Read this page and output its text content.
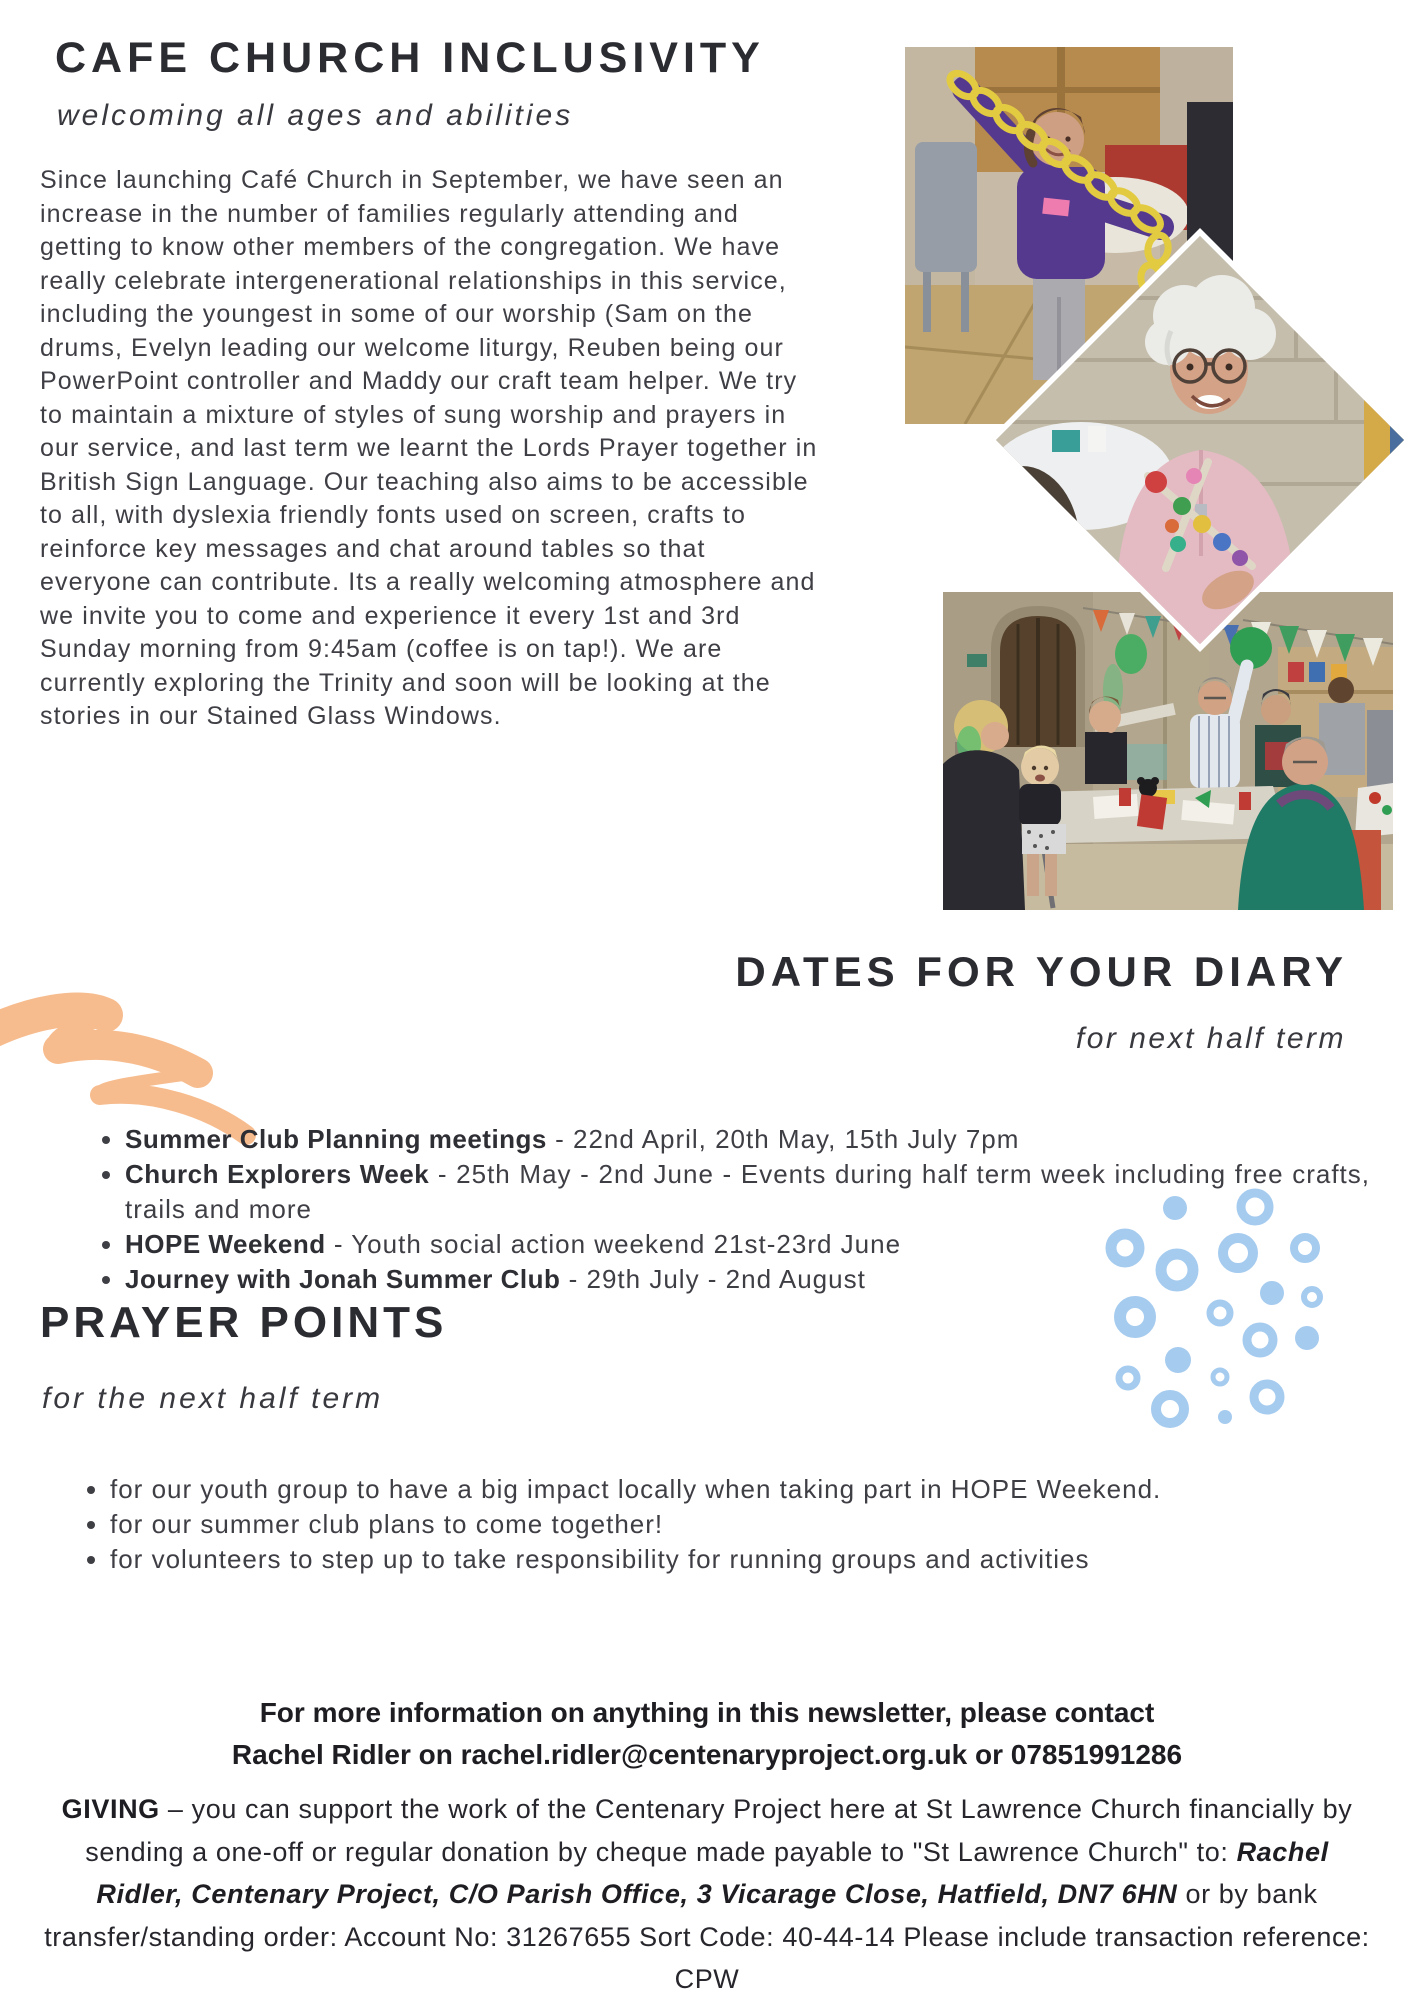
CAFE CHURCH INCLUSIVITY
welcoming all ages and abilities
Since launching Café Church in September, we have seen an increase in the number of families regularly attending and getting to know other members of the congregation. We have really celebrate intergenerational relationships in this service, including the youngest in some of our worship (Sam on the drums, Evelyn leading our welcome liturgy, Reuben being our PowerPoint controller and Maddy our craft team helper. We try to maintain a mixture of styles of sung worship and prayers in our service, and last term we learnt the Lords Prayer together in British Sign Language. Our teaching also aims to be accessible to all, with dyslexia friendly fonts used on screen, crafts to reinforce key messages and chat around tables so that everyone can contribute. Its a really welcoming atmosphere and we invite you to come and experience it every 1st and 3rd Sunday morning from 9:45am (coffee is on tap!). We are currently exploring the Trinity and soon will be looking at the stories in our Stained Glass Windows.
DATES FOR YOUR DIARY
for next half term
• Summer Club Planning meetings - 22nd April, 20th May, 15th July 7pm
• Church Explorers Week - 25th May - 2nd June - Events during half term week including free crafts, trails and more
• HOPE Weekend - Youth social action weekend 21st-23rd June
• Journey with Jonah Summer Club - 29th July - 2nd August
PRAYER POINTS
for the next half term
• for our youth group to have a big impact locally when taking part in HOPE Weekend.
• for our summer club plans to come together!
• for volunteers to step up to take responsibility for running groups and activities
For more information on anything in this newsletter, please contact
Rachel Ridler on rachel.ridler@centenaryproject.org.uk or 07851991286
GIVING – you can support the work of the Centenary Project here at St Lawrence Church financially by sending a one-off or regular donation by cheque made payable to "St Lawrence Church" to: Rachel Ridler, Centenary Project, C/O Parish Office, 3 Vicarage Close, Hatfield, DN7 6HN or by bank transfer/standing order: Account No: 31267655 Sort Code: 40-44-14 Please include transaction reference: CPW
